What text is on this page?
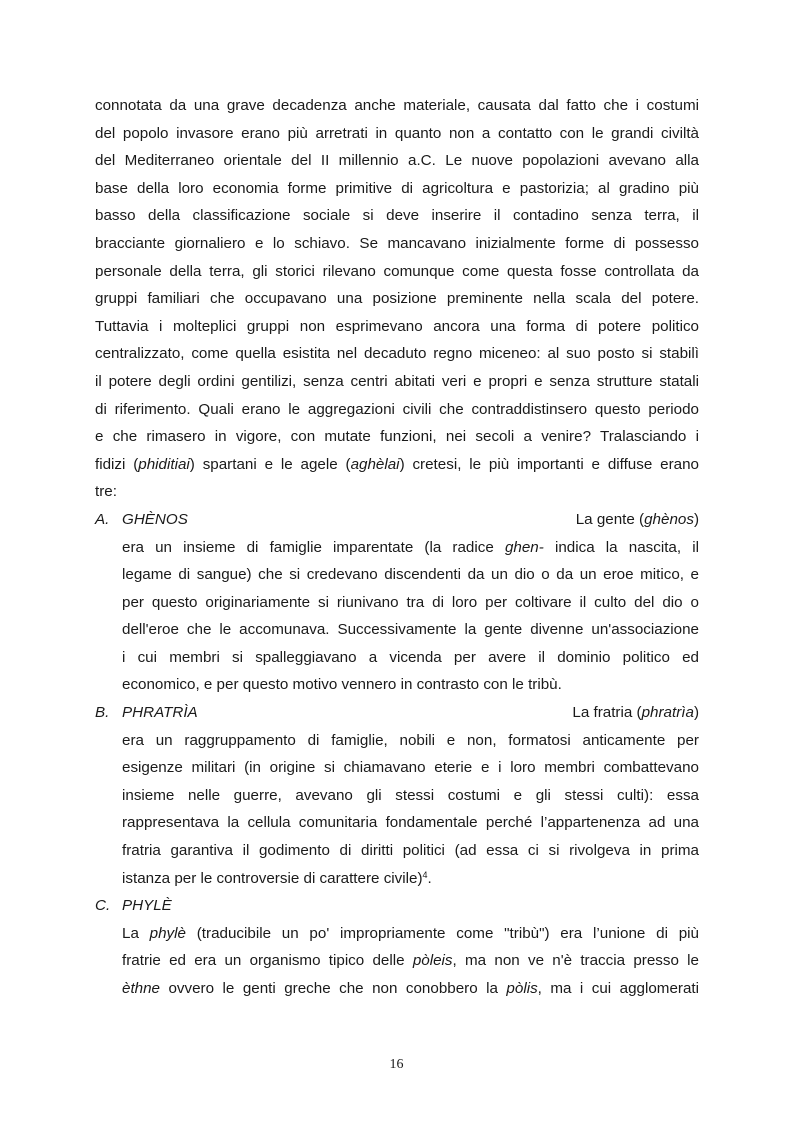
connotata da una grave decadenza anche materiale, causata dal fatto che i costumi
del popolo invasore erano più arretrati in quanto non a contatto con le grandi civiltà
del Mediterraneo orientale del II millennio a.C. Le nuove popolazioni avevano alla
base della loro economia forme primitive di agricoltura e pastorizia; al gradino più
basso della classificazione sociale si deve inserire il contadino senza terra, il
bracciante giornaliero e lo schiavo. Se mancavano inizialmente forme di possesso
personale della terra, gli storici rilevano comunque come questa fosse controllata da
gruppi familiari che occupavano una posizione preminente nella scala del potere.
Tuttavia i molteplici gruppi non esprimevano ancora una forma di potere politico
centralizzato, come quella esistita nel decaduto regno miceneo: al suo posto si stabilì
il potere degli ordini gentilizi, senza centri abitati veri e propri e senza strutture statali
di riferimento. Quali erano le aggregazioni civili che contraddistinsero questo periodo
e che rimasero in vigore, con mutate funzioni, nei secoli a venire? Tralasciando i
fidizi (phiditiai) spartani e le agele (aghèlai) cretesi, le più importanti e diffuse erano
tre:
A. GHÈNOS	La gente (ghènos)
era un insieme di famiglie imparentate (la radice ghen- indica la nascita, il
legame di sangue) che si credevano discendenti da un dio o da un eroe mitico, e
per questo originariamente si riunivano tra di loro per coltivare il culto del dio o
dell'eroe che le accomunava. Successivamente la gente divenne un'associazione
i cui membri si spalleggiavano a vicenda per avere il dominio politico ed
economico, e per questo motivo vennero in contrasto con le tribù.
B. PHRATRÌA	La fratria (phratrìa)
era un raggruppamento di famiglie, nobili e non, formatosi anticamente per
esigenze militari (in origine si chiamavano eterie e i loro membri combattevano
insieme nelle guerre, avevano gli stessi costumi e gli stessi culti): essa
rappresentava la cellula comunitaria fondamentale perché l’appartenenza ad una
fratria garantiva il godimento di diritti politici (ad essa ci si rivolgeva in prima
istanza per le controversie di carattere civile)$^4$.
C. PHYLÈ
La phylè (traducibile un po' impropriamente come "tribù") era l’unione di più
fratrie ed era un organismo tipico delle pòleis, ma non ve n'è traccia presso le
èthne ovvero le genti greche che non conobbero la pòlis, ma i cui agglomerati
16
